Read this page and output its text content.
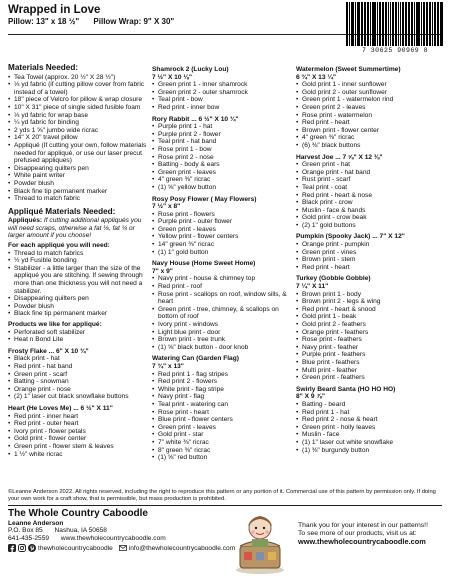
Wrapped in Love
Pillow: 13" x 18 ½" Pillow Wrap: 9" X 30"
7 30625 90969 8
Materials Needed:
• Tea Towel (approx. 20 ½" X 28 ½")
• ⅓ yd fabric (if cutting pillow cover from fabric instead of a towel)
• 18" piece of Velcro for pillow & wrap closure
• 10" X 31" piece of single sided fusible foam
• ⅓ yd fabric for wrap base
• ¼ yd fabric for binding
• 2 yds 1 ⅝" jumbo wide ricrac
• 14" X 20" travel pillow
• Appliqué (If cutting your own, follow materials needed for appliqué, or use our laser precut prefused appliques)
• Disappearing quilters pen
• White paint writer
• Powder blush
• Black fine tip permanent marker
• Thread to match fabric
Appliqué Materials Needed:
Appliqués: If cutting additional appliqués you will need scraps, otherwise a fat ⅛, fat ¼ or larger amount if you choose!
For each appliqué you will need:
• Thread to match fabrics
• ½ yd Fusible bonding
• Stabilizer - a little larger than the size of the appliqué you are stitching. If sewing through more than one thickness you will not need a stabilizer.
• Disappearing quilters pen
• Powder blush
• Black fine tip permanent marker
Products we like for appliqué:
• Perforated soft stabilizer
• Heat n Bond Lite
Frosty Flake ... 6" X 10 ¾"
• Black print - hat
• Red print - hat band
• Green print - scarf
• Batting - snowman
• Orange print - nose
• (2) 1" laser cut black snowflake buttons
Heart (He Loves Me) ... 6 ½" X 11"
• Red print - inner heart
• Red print - outer heart
• Ivory print - flower petals
• Gold print - flower center
• Green print - flower stem & leaves
• 1 ½" white ricrac
Shamrock 2 (Lucky Lou)
7 ½" X 10 ⅛"
• Green print 1 - inner shamrock
• Green print 2 - outer shamrock
• Teal print - bow
• Red print - inner bow
Rory Rabbit ... 6 ½" X 10 ¾"
• Purple print 1 - hat
• Purple print 2 - flower
• Teal print - hat band
• Rose print 1 - bow
• Rose print 2 - nose
• Batting - body & ears
• Green print - leaves
• 4" green ⅜" ricrac
• (1) ⅝" yellow button
Rosy Posy Flower ( May Flowers)
7 ½" x 8"
• Rose print - flowers
• Purple print - outer flower
• Green print - leaves
• Yellow print - flower centers
• 14" green ⅜" ricrac
• (1) 1" gold button
Navy House (Home Sweet Home)
7" x 9"
• Navy print - house & chimney top
• Red print - roof
• Rose print - scallops on roof, window sills, & heart
• Green print - tree, chimney, & scallops on bottom of roof
• Ivory print - windows
• Light blue print - door
• Brown print - tree trunk
• (1) ⅝" black button - door knob
Watering Can (Garden Flag)
7 ¾" x 13"
• Red print 1 - flag stripes
• Red print 2 - flowers
• White print - flag stripe
• Navy print - flag
• Teal print - watering can
• Rose print - heart
• Blue print - flower centers
• Green print - leaves
• Gold print - star
• 7" white ⅜" ricrac
• 8" green ⅜" ricrac
• (1) ⅝" red button
Watermelon (Sweet Summertime)
6 ¾" X 13 ¼"
• Gold print 1 - inner sunflower
• Gold print 2 - outer sunflower
• Green print 1 - watermelon rind
• Green print 2 - leaves
• Rose print - watermelon
• Red print - heart
• Brown print - flower center
• 4" green ⅜" ricrac
• (6) ⅜" black buttons
Harvest Joe ... 7 ⅝" X 12 ⅜"
• Green print - hat
• Orange print - hat band
• Rust print - scarf
• Teal print - coat
• Red print - heart & nose
• Black print - crow
• Muslin - face & hands
• Gold print - crow beak
• (2) 1" gold buttons
Pumpkin (Spooky Jack) ... 7" X 12"
• Orange print - pumpkin
• Green print - vines
• Brown print - stem
• Red print - heart
Turkey (Gobble Gobble)
7 ¼" X 11"
• Brown print 1 - body
• Brown print 2 - legs & wing
• Red print - heart & snood
• Gold print 1 - beak
• Gold print 2 - feathers
• Orange print - feathers
• Rose print - feathers
• Navy print - feather
• Purple print - feathers
• Blue print - feathers
• Multi print - feather
• Green print - feathers
Swirly Beard Santa (HO HO HO)
8" X 9 ⅞"
• Batting - beard
• Red print 1 - hat
• Red print 2 - nose & heart
• Green print - holly leaves
• Muslin - face
• (1) 1" laser cut white snowflake
• (1) ⅜" burgundy button
©Leanne Anderson 2022. All rights reserved, including the right to reproduce this pattern or any portion of it. Commercial use of this pattern by permission only. If doing your own work for a craft show, that is permissible, but mass production is prohibited.
The Whole Country Caboodle
Leanne Anderson
P.O. Box 85 Nashua, IA 50658
641-435-2559 www.thewholecountrycaboodle.com
thewholecountrycaboodle info@thewholecountrycaboodle.com
Thank you for your interest in our patterns!!
To see more of our products, visit us at:
www.thewholecountrycaboodle.com
